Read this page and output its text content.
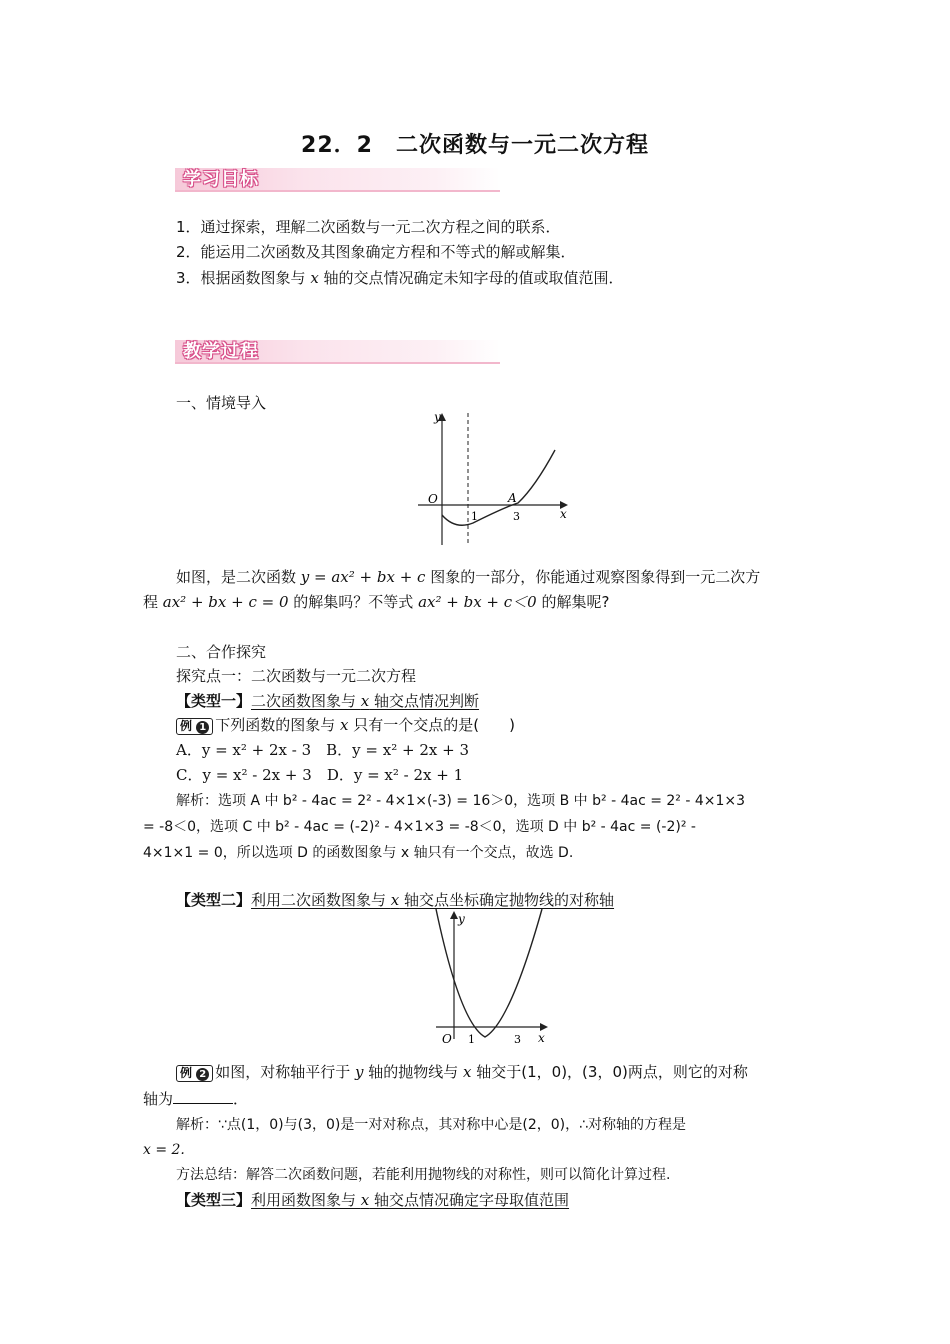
22．2　二次函数与一元二次方程
学习目标
1．通过探索，理解二次函数与一元二次方程之间的联系．
2．能运用二次函数及其图象确定方程和不等式的解或解集．
3．根据函数图象与 x 轴的交点情况确定未知字母的值或取值范围．
教学过程
一、情境导入
y
x
O
1	3
A
如图，是二次函数 y = ax² + bx + c 图象的一部分，你能通过观察图象得到一元二次方
程 ax² + bx + c = 0 的解集吗？不等式 ax² + bx + c＜0 的解集呢?
二、合作探究
探究点一：二次函数与一元二次方程
【类型一】二次函数图象与 x 轴交点情况判断
例 1 下列函数的图象与 x 只有一个交点的是(　　)
A．y = x² + 2x - 3　 B．y = x² + 2x + 3
C．y = x² - 2x + 3　 D．y = x² - 2x + 1
解析：选项 A 中 b² - 4ac = 2² - 4×1×(-3) = 16＞0，选项 B 中 b² - 4ac = 2² - 4×1×3
= -8＜0，选项 C 中 b² - 4ac = (-2)² - 4×1×3 = -8＜0，选项 D 中 b² - 4ac = (-2)² -
4×1×1 = 0，所以选项 D 的函数图象与 x 轴只有一个交点，故选 D.
【类型二】利用二次函数图象与 x 轴交点坐标确定抛物线的对称轴
y
x
O 1	3
例 2 如图，对称轴平行于 y 轴的抛物线与 x 轴交于(1，0)，(3，0)两点，则它的对称
轴为	．
解析：∵点(1，0)与(3，0)是一对对称点，其对称中心是(2，0)，∴对称轴的方程是
x = 2.
方法总结：解答二次函数问题，若能利用抛物线的对称性，则可以简化计算过程.
【类型三】利用函数图象与 x 轴交点情况确定字母取值范围
